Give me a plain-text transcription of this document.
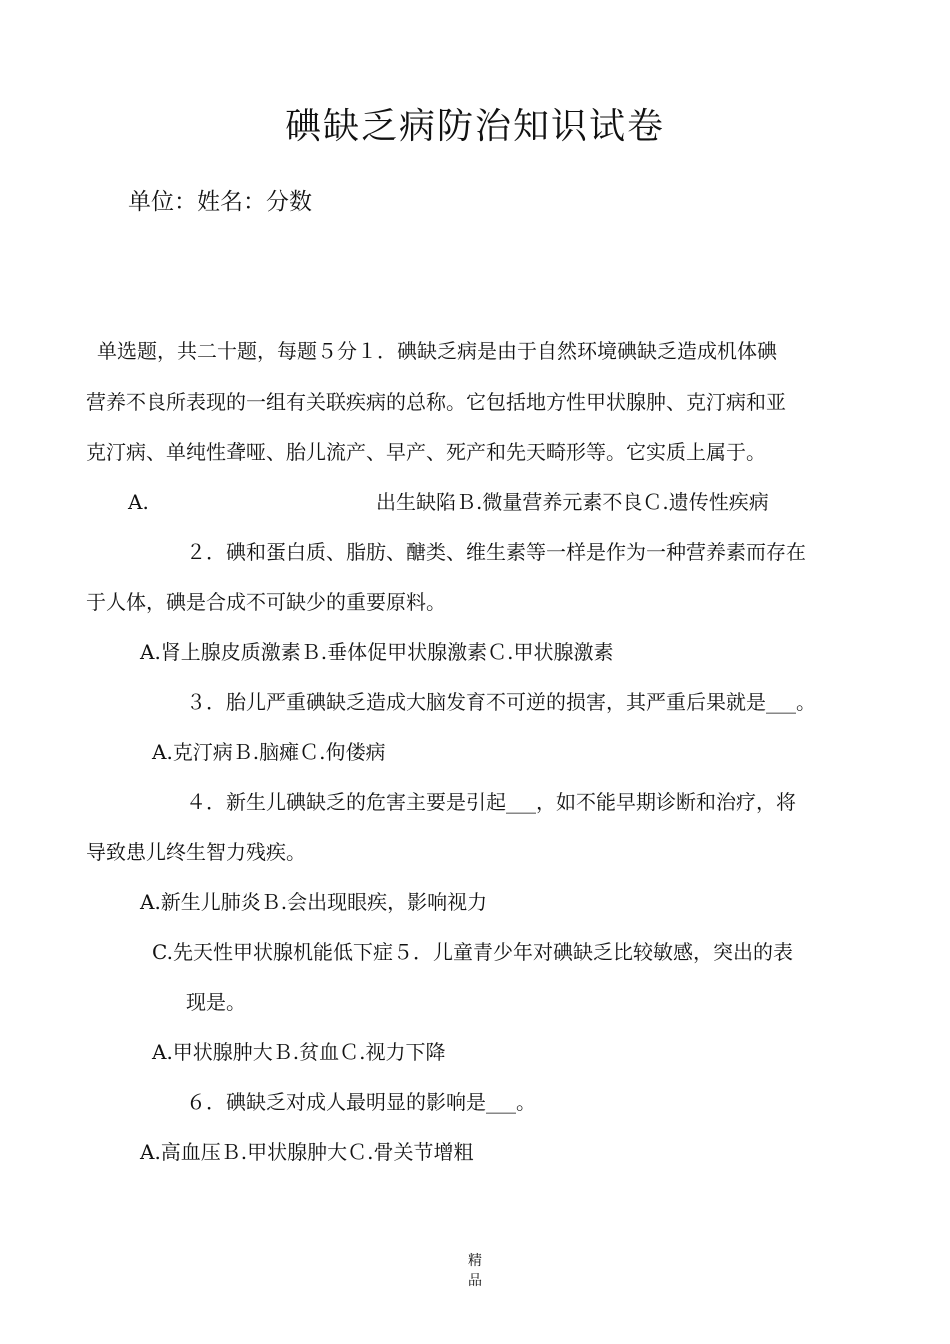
碘缺乏病防治知识试卷
单位：姓名：分数
单选题，共二十题，每题５分１．碘缺乏病是由于自然环境碘缺乏造成机体碘
营养不良所表现的一组有关联疾病的总称。它包括地方性甲状腺肿、克汀病和亚
克汀病、单纯性聋哑、胎儿流产、早产、死产和先天畸形等。它实质上属于。
A.	出生缺陷Ｂ.微量营养元素不良Ｃ.遗传性疾病
２．碘和蛋白质、脂肪、醣类、维生素等一样是作为一种营养素而存在
于人体，碘是合成不可缺少的重要原料。
A.肾上腺皮质激素Ｂ.垂体促甲状腺激素Ｃ.甲状腺激素
３．胎儿严重碘缺乏造成大脑发育不可逆的损害，其严重后果就是___。
A.克汀病Ｂ.脑瘫Ｃ.佝偻病
４．新生儿碘缺乏的危害主要是引起___，如不能早期诊断和治疗，将
导致患儿终生智力残疾。
A.新生儿肺炎Ｂ.会出现眼疾，影响视力
C.先天性甲状腺机能低下症５．儿童青少年对碘缺乏比较敏感，突出的表
现是。
A.甲状腺肿大Ｂ.贫血Ｃ.视力下降
６．碘缺乏对成人最明显的影响是___。
A.高血压Ｂ.甲状腺肿大Ｃ.骨关节增粗
精
品
